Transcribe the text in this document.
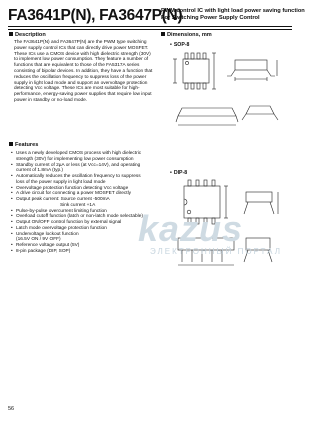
FA3641P(N), FA3647P(N)
PWM control IC with light load power saving function
For Switching Power Supply Control
Description
The FA3641P(N) and FA3647P(N) are the PWM type switching power supply control ICs that can directly drive power MOSFET. These ICs use a CMOS device with high dielectric strength (30V) to implement low power consumption. They feature a number of functions that are equivalent to those of the FA5317A series consisting of bipolar devices. In addition, they have a function that reduces the oscillation frequency to suppress loss of the power supply in light load mode and support an overvoltage protection detecting Vcc voltage. These ICs are most suitable for high-performance, energy-saving power supplies that require low input power in standby or no-load mode.
Features
• Uses a newly developed CMOS process with high dielectric
strength (30V) for implementing low power consumption
• Standby current of 2µA or less (at Vcc=14V), and operating
current of 1.8mA (typ.)
• Automatically reduces the oscillation frequency to suppress
loss of the power supply in light load mode
• Overvoltage protection function detecting Vcc voltage
• A drive circuit for connecting a power MOSFET directly
• Output peak current: Source current -500mA
Sink current +1A
• Pulse-by-pulse overcurrent limiting function
• Overload cutoff function (latch or non-latch mode selectable)
• Output ON/OFF control function by external signal
• Latch mode overvoltage protection function
• Undervoltage lockout function
(16.5V ON / 9V OFF)
• Reference voltage output (5V)
• 8-pin package (DIP, SOP)
Dimensions, mm
• SOP-8
• DIP-8
kazus
ЭЛЕКТРОННЫЙ ПОРТАЛ
56
